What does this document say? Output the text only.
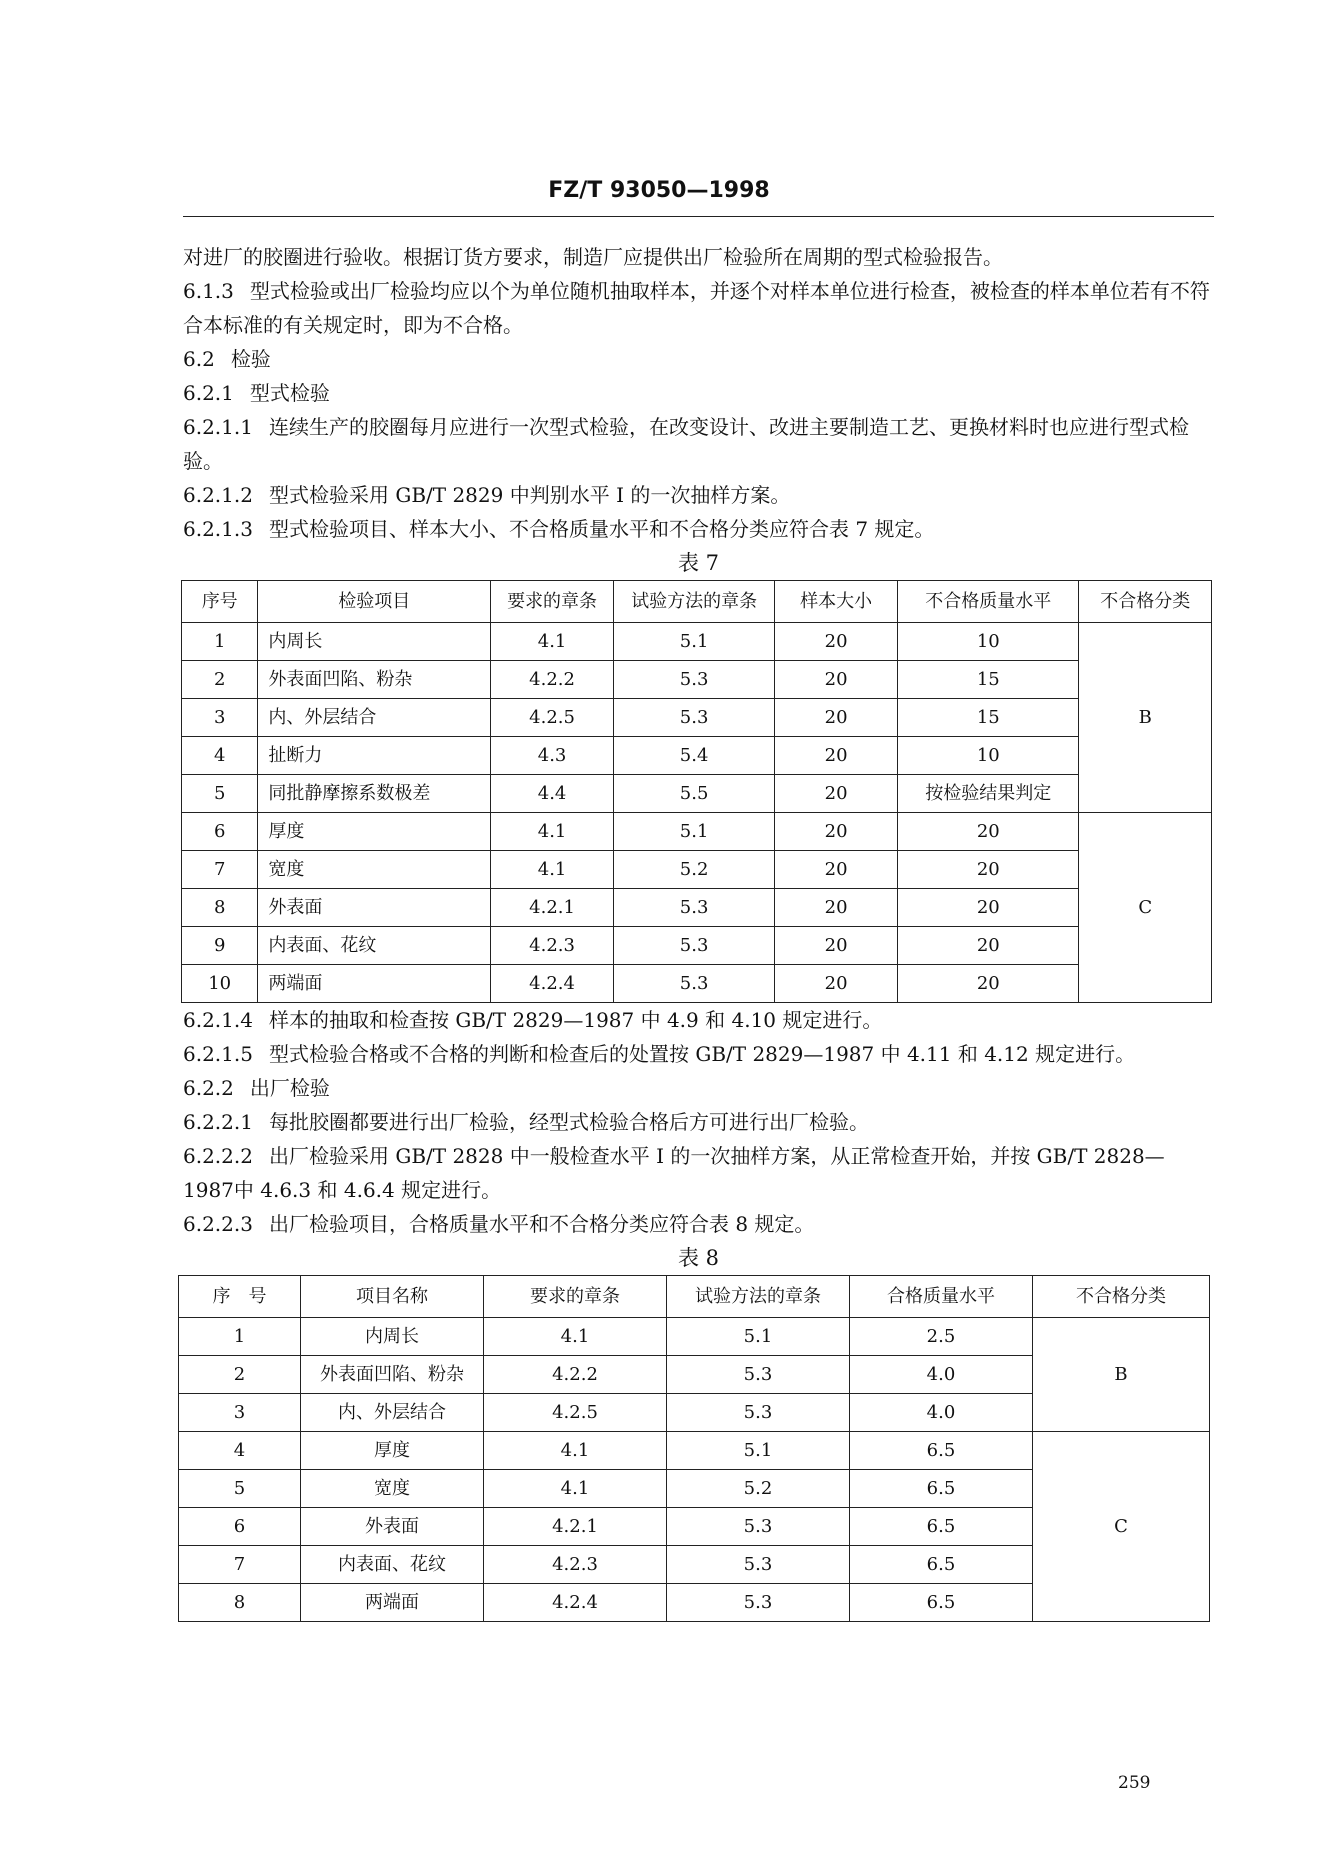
FZ/T 93050—1998

对进厂的胶圈进行验收。根据订货方要求，制造厂应提供出厂检验所在周期的型式检验报告。

6.1.3 型式检验或出厂检验均应以个为单位随机抽取样本，并逐个对样本单位进行检查，被检查的样本单位若有不符合本标准的有关规定时，即为不合格。

6.2 检验

6.2.1 型式检验

6.2.1.1 连续生产的胶圈每月应进行一次型式检验，在改变设计、改进主要制造工艺、更换材料时也应进行型式检验。

6.2.1.2 型式检验采用 GB/T 2829 中判别水平 I 的一次抽样方案。

6.2.1.3 型式检验项目、样本大小、不合格质量水平和不合格分类应符合表 7 规定。

表 7

序号	检验项目	要求的章条	试验方法的章条	样本大小	不合格质量水平	不合格分类
1	内周长	4.1	5.1	20	10	B
2	外表面凹陷、粉杂	4.2.2	5.3	20	15	
3	内、外层结合	4.2.5	5.3	20	15	
4	扯断力	4.3	5.4	20	10	
5	同批静摩擦系数极差	4.4	5.5	20	按检验结果判定	
6	厚度	4.1	5.1	20	20	C
7	宽度	4.1	5.2	20	20	
8	外表面	4.2.1	5.3	20	20	
9	内表面、花纹	4.2.3	5.3	20	20	
10	两端面	4.2.4	5.3	20	20	

6.2.1.4 样本的抽取和检查按 GB/T 2829—1987 中 4.9 和 4.10 规定进行。

6.2.1.5 型式检验合格或不合格的判断和检查后的处置按 GB/T 2829—1987 中 4.11 和 4.12 规定进行。

6.2.2 出厂检验

6.2.2.1 每批胶圈都要进行出厂检验，经型式检验合格后方可进行出厂检验。

6.2.2.2 出厂检验采用 GB/T 2828 中一般检查水平 I 的一次抽样方案，从正常检查开始，并按 GB/T 2828—1987中 4.6.3 和 4.6.4 规定进行。

6.2.2.3 出厂检验项目，合格质量水平和不合格分类应符合表 8 规定。

表 8

序　号	项目名称	要求的章条	试验方法的章条	合格质量水平	不合格分类
1	内周长	4.1	5.1	2.5	B
2	外表面凹陷、粉杂	4.2.2	5.3	4.0	
3	内、外层结合	4.2.5	5.3	4.0	
4	厚度	4.1	5.1	6.5	C
5	宽度	4.1	5.2	6.5	
6	外表面	4.2.1	5.3	6.5	
7	内表面、花纹	4.2.3	5.3	6.5	
8	两端面	4.2.4	5.3	6.5	
259
